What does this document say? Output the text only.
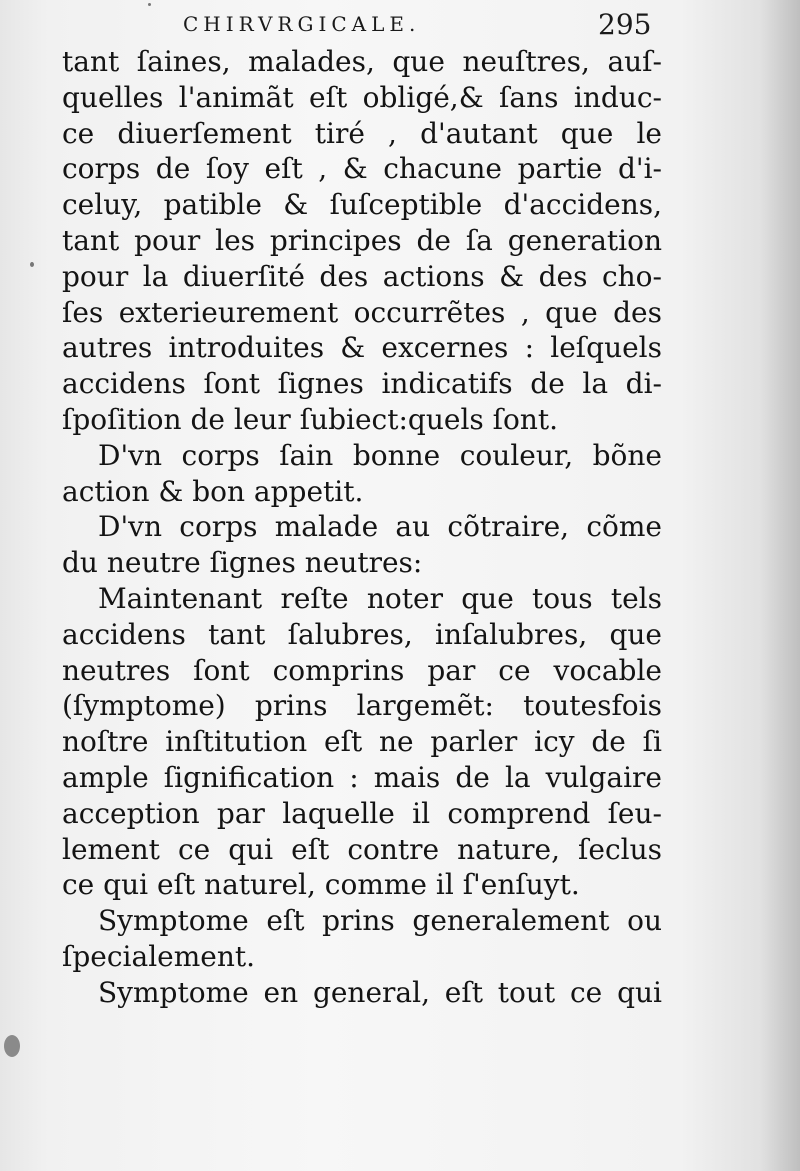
CHIRVRGICALE.	295
tant ſaines, malades, que neuſtres, auſ-
quelles l'animãt eſt obligé,& ſans induc-
ce diuerſement tiré , d'autant que le
corps de ſoy eſt , & chacune partie d'i-
celuy, patible & ſuſceptible d'accidens,
tant pour les principes de ſa generation
pour la diuerſité des actions & des cho-
ſes exterieurement occurrẽtes , que des
autres introduites & excernes : leſquels
accidens ſont ſignes indicatifs de la di-
ſpoſition de leur ſubiect:quels ſont.
D'vn corps ſain bonne couleur, bõne
action & bon appetit.
D'vn corps malade au cõtraire, cõme
du neutre ſignes neutres:
Maintenant reſte noter que tous tels
accidens tant ſalubres, inſalubres, que
neutres ſont comprins par ce vocable
(ſymptome) prins largemẽt: toutesfois
noſtre inſtitution eſt ne parler icy de ſi
ample ſignification : mais de la vulgaire
acception par laquelle il comprend ſeu-
lement ce qui eſt contre nature, ſeclus
ce qui eſt naturel, comme il ſ'enſuyt.
Symptome eſt prins generalement ou
ſpecialement.
Symptome en general, eſt tout ce qui
